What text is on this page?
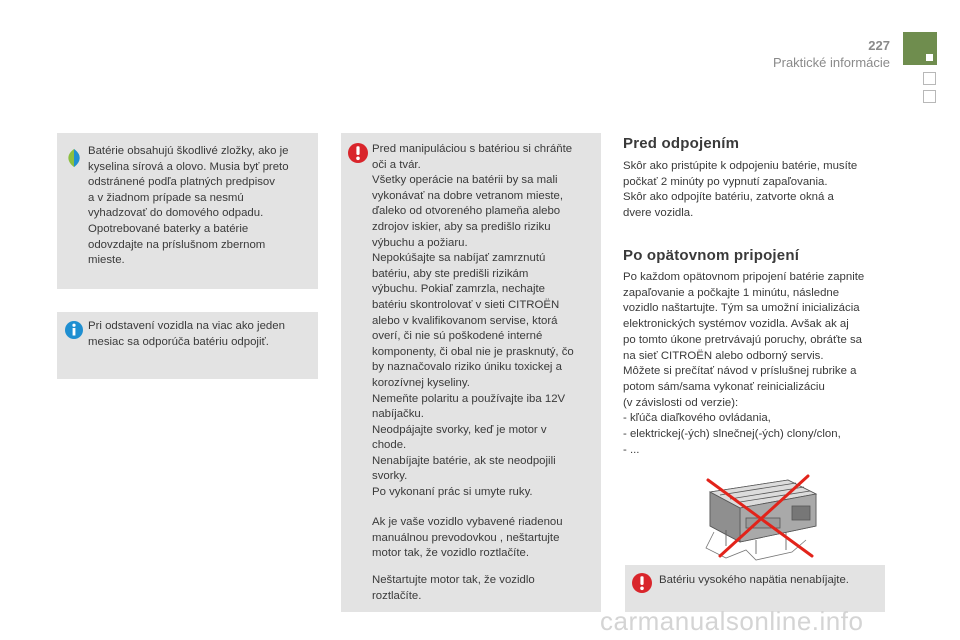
227
Praktické informácie

Batérie obsahujú škodlivé zložky, ako je
kyselina sírová a olovo. Musia byť preto
odstránené podľa platných predpisov
a v žiadnom prípade sa nesmú
vyhadzovať do domového odpadu.
Opotrebované baterky a batérie
odovzdajte na príslušnom zbernom
mieste.

Pri odstavení vozidla na viac ako jeden
mesiac sa odporúča batériu odpojiť.

Pred manipuláciou s batériou si chráňte
oči a tvár.
Všetky operácie na batérii by sa mali
vykonávať na dobre vetranom mieste,
ďaleko od otvoreného plameňa alebo
zdrojov iskier, aby sa predišlo riziku
výbuchu a požiaru.
Nepokúšajte sa nabíjať zamrznutú
batériu, aby ste predišli rizikám
výbuchu. Pokiaľ zamrzla, nechajte
batériu skontrolovať v sieti CITROËN
alebo v kvalifikovanom servise, ktorá
overí, či nie sú poškodené interné
komponenty, či obal nie je prasknutý, čo
by naznačovalo riziko úniku toxickej a
korozívnej kyseliny.
Nemeňte polaritu a používajte iba 12V
nabíjačku.
Neodpájajte svorky, keď je motor v
chode.
Nenabíjajte batérie, ak ste neodpojili
svorky.
Po vykonaní prác si umyte ruky.

Ak je vaše vozidlo vybavené riadenou
manuálnou prevodovkou , neštartujte
motor tak, že vozidlo roztlačíte.

Neštartujte motor tak, že vozidlo
roztlačíte.

Pred odpojením
Skôr ako pristúpite k odpojeniu batérie, musíte
počkať 2 minúty po vypnutí zapaľovania.
Skôr ako odpojíte batériu, zatvorte okná a
dvere vozidla.
Po opätovnom pripojení
Po každom opätovnom pripojení batérie zapnite
zapaľovanie a počkajte 1 minútu, následne
vozidlo naštartujte. Tým sa umožní inicializácia
elektronických systémov vozidla. Avšak ak aj
po tomto úkone pretrvávajú poruchy, obráťte sa
na sieť CITROËN alebo odborný servis.
Môžete si prečítať návod v príslušnej rubrike a
potom sám/sama vykonať reinicializáciu
(v závislosti od verzie):
- kľúča diaľkového ovládania,
- elektrickej(-ých) slnečnej(-ých) clony/clon,
- ...

Batériu vysokého napätia nenabíjajte.

carmanualsonline.info
